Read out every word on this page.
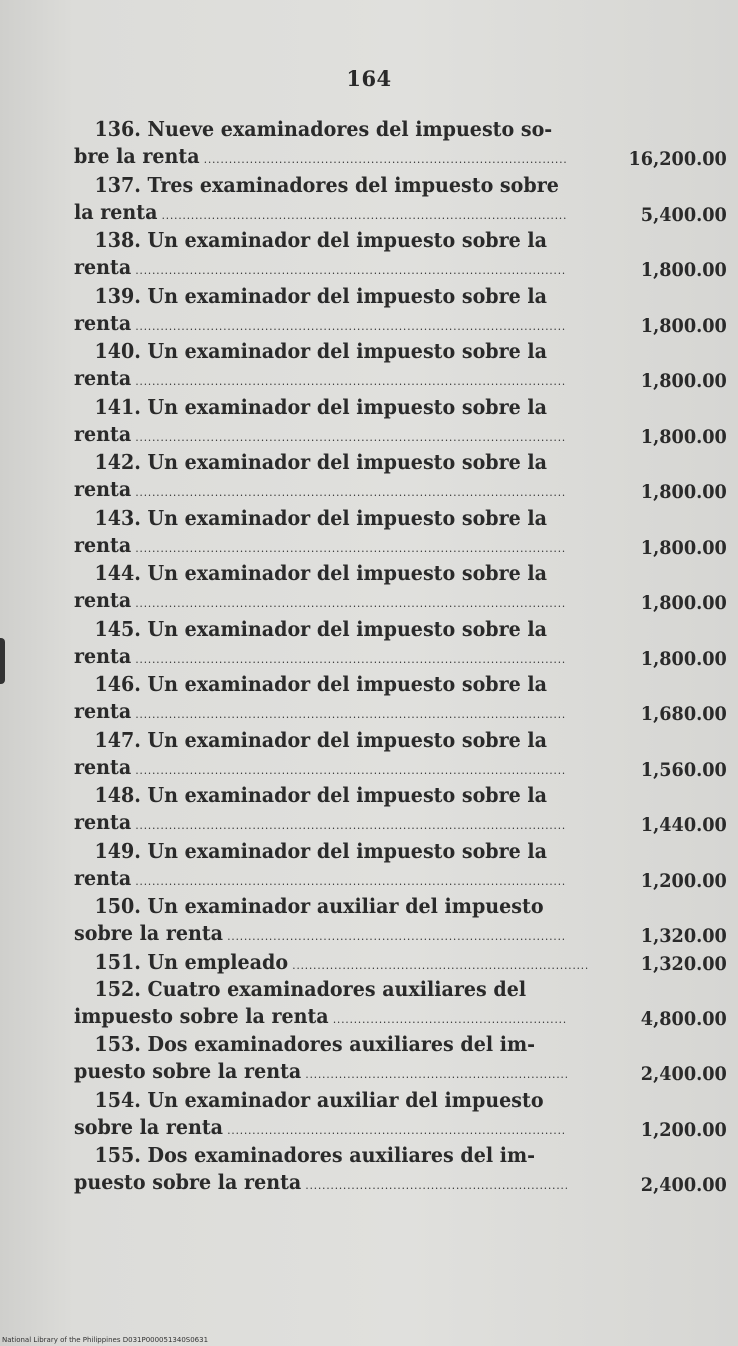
164
136. Nueve examinadores del impuesto so-
bre la renta .....	16,200.00
137. Tres examinadores del impuesto sobre
la renta .....	5,400.00
138. Un examinador del impuesto sobre la
renta .....	1,800.00
139. Un examinador del impuesto sobre la
renta .....	1,800.00
140. Un examinador del impuesto sobre la
renta .....	1,800.00
141. Un examinador del impuesto sobre la
renta .....	1,800.00
142. Un examinador del impuesto sobre la
renta .....	1,800.00
143. Un examinador del impuesto sobre la
renta .....	1,800.00
144. Un examinador del impuesto sobre la
renta .....	1,800.00
145. Un examinador del impuesto sobre la
renta .....	1,800.00
146. Un examinador del impuesto sobre la
renta .....	1,680.00
147. Un examinador del impuesto sobre la
renta .....	1,560.00
148. Un examinador del impuesto sobre la
renta .....	1,440.00
149. Un examinador del impuesto sobre la
renta .....	1,200.00
150. Un examinador auxiliar del impuesto
sobre la renta .....	1,320.00
151. Un empleado .....	1,320.00
152. Cuatro examinadores auxiliares del
impuesto sobre la renta .....	4,800.00
153. Dos examinadores auxiliares del im-
puesto sobre la renta .....	2,400.00
154. Un examinador auxiliar del impuesto
sobre la renta .....	1,200.00
155. Dos examinadores auxiliares del im-
puesto sobre la renta .....	2,400.00
National Library of the Philippines D031P000051340S0631
